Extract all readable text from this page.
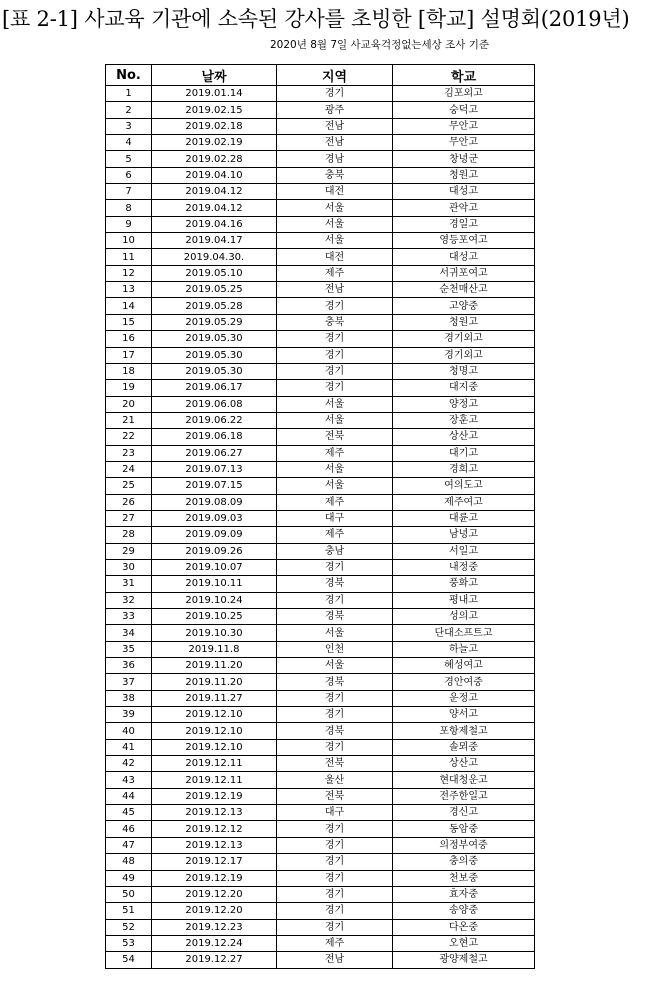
[표 2-1] 사교육 기관에 소속된 강사를 초빙한 [학교] 설명회(2019년)
2020년 8월 7일 사교육걱정없는세상 조사 기준
No.	날짜	지역	학교
1	2019.01.14	경기	김포외고
2	2019.02.15	광주	숭덕고
3	2019.02.18	전남	무안고
4	2019.02.19	전남	무안고
5	2019.02.28	경남	창녕군
6	2019.04.10	충북	청원고
7	2019.04.12	대전	대성고
8	2019.04.12	서울	관악고
9	2019.04.16	서울	경일고
10	2019.04.17	서울	영등포여고
11	2019.04.30.	대전	대성고
12	2019.05.10	제주	서귀포여고
13	2019.05.25	전남	순천매산고
14	2019.05.28	경기	고양중
15	2019.05.29	충북	청원고
16	2019.05.30	경기	경기외고
17	2019.05.30	경기	경기외고
18	2019.05.30	경기	청명고
19	2019.06.17	경기	대지중
20	2019.06.08	서울	양정고
21	2019.06.22	서울	장훈고
22	2019.06.18	전북	상산고
23	2019.06.27	제주	대기고
24	2019.07.13	서울	경희고
25	2019.07.15	서울	여의도고
26	2019.08.09	제주	제주여고
27	2019.09.03	대구	대륜고
28	2019.09.09	제주	남녕고
29	2019.09.26	충남	서일고
30	2019.10.07	경기	내정중
31	2019.10.11	경북	풍화고
32	2019.10.24	경기	평내고
33	2019.10.25	경북	성의고
34	2019.10.30	서울	단대소프트고
35	2019.11.8	인천	하늘고
36	2019.11.20	서울	혜성여고
37	2019.11.20	경북	경안여중
38	2019.11.27	경기	운정고
39	2019.12.10	경기	양서고
40	2019.12.10	경북	포항제철고
41	2019.12.10	경기	솔뫼중
42	2019.12.11	전북	상산고
43	2019.12.11	울산	현대청운고
44	2019.12.19	전북	전주한일고
45	2019.12.13	대구	경신고
46	2019.12.12	경기	동암중
47	2019.12.13	경기	의정부여중
48	2019.12.17	경기	충의중
49	2019.12.19	경기	천보중
50	2019.12.20	경기	효자중
51	2019.12.20	경기	송양중
52	2019.12.23	경기	다온중
53	2019.12.24	제주	오현고
54	2019.12.27	전남	광양제철고
